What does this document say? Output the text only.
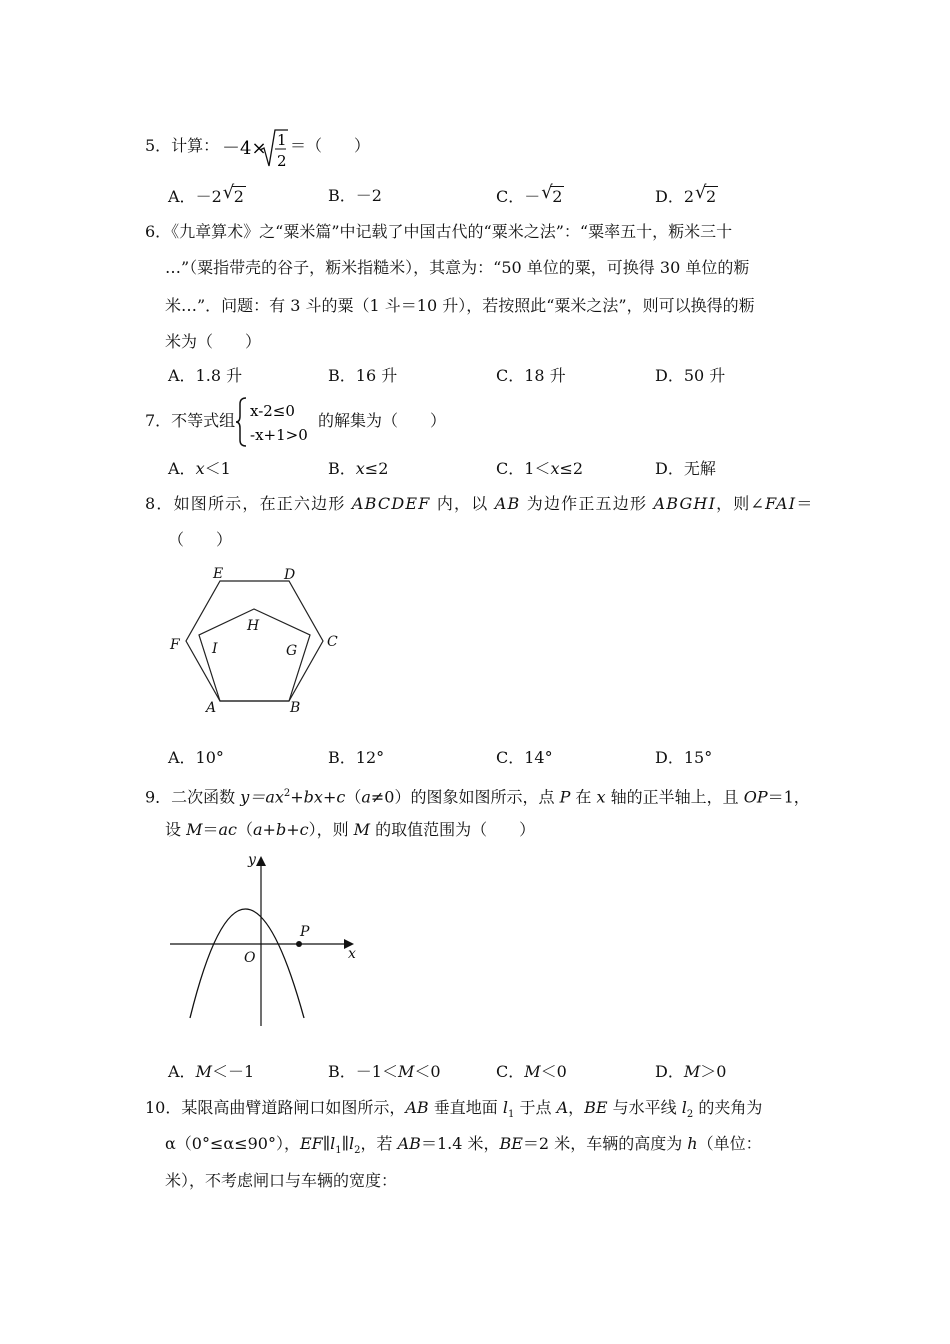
5．计算： －4× 1
2
＝（　　）
A．－2 √ 2	B．－2	C．－ √ 2	D．2 √ 2
6．《九章算术》之“粟米篇”中记载了中国古代的“粟米之法”：“粟率五十，粝米三十
…”（粟指带壳的谷子，粝米指糙米），其意为：“50 单位的粟，可换得 30 单位的粝
米…”．问题：有 3 斗的粟（1 斗＝10 升），若按照此“粟米之法”，则可以换得的粝
米为（　　）
A．1.8 升	B．16 升	C．18 升	D．50 升
7．不等式组 x-2≤0
-x+1>0
的解集为（　　）
A．x＜1	B．x≤2	C．1＜x≤2	D．无解
8．如图所示，在正六边形 ABCDEF 内，以 AB 为边作正五边形 ABGHI，则∠FAI＝
（　　）
A	B
C
D
E
F	G
H
I
A．10°	B．12°	C．14°	D．15°
9．二次函数 $y=ax^2+bx+c(a\ne 0)$的图象如图所示，点 P 在 x 轴的正半轴上，且 OP＝1，
设 M＝ac（a+b+c），则 M 的取值范围为（　　）
y
x
O
P
A．M＜－1	B．－1＜M＜0	C．M＜0	D．M＞0
10．某限高曲臂道路闸口如图所示，AB 垂直地面 $l_1$ 于点 A，BE 与水平线 $l_2$ 的夹角为
α（0°≤α≤90°），$EF\parallel l_1\parallel l_2$，若 AB＝1.4 米，BE＝2 米，车辆的高度为 h（单位：
米），不考虑闸口与车辆的宽度：
